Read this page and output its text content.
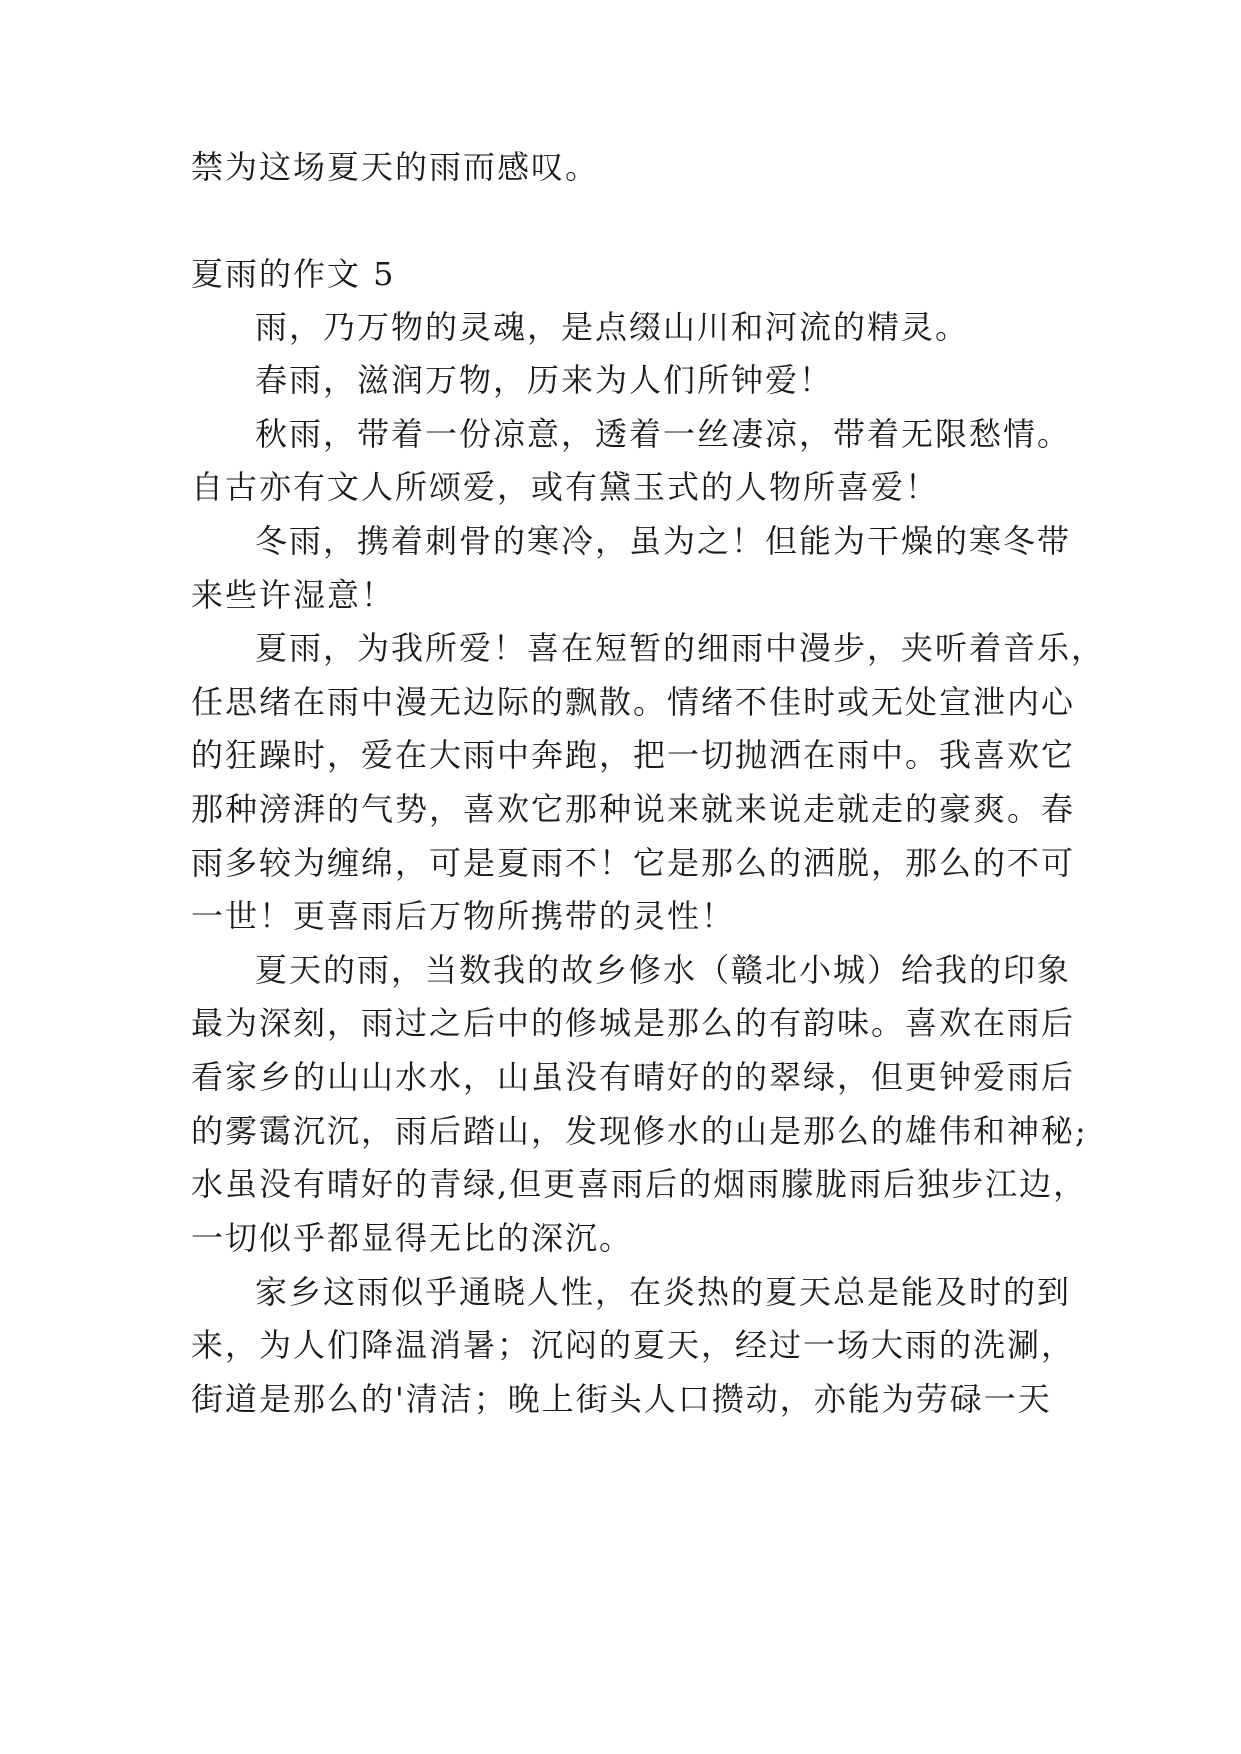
禁为这场夏天的雨而感叹。
夏雨的作文 5
雨，乃万物的灵魂，是点缀山川和河流的精灵。
春雨，滋润万物，历来为人们所钟爱！
秋雨，带着一份凉意，透着一丝凄凉，带着无限愁情。
自古亦有文人所颂爱，或有黛玉式的人物所喜爱！
冬雨，携着刺骨的寒冷，虽为之！但能为干燥的寒冬带
来些许湿意！
夏雨，为我所爱！喜在短暂的细雨中漫步，夹听着音乐，
任思绪在雨中漫无边际的飘散。情绪不佳时或无处宣泄内心
的狂躁时，爱在大雨中奔跑，把一切抛洒在雨中。我喜欢它
那种滂湃的气势，喜欢它那种说来就来说走就走的豪爽。春
雨多较为缠绵，可是夏雨不！它是那么的洒脱，那么的不可
一世！更喜雨后万物所携带的灵性！
夏天的雨，当数我的故乡修水（赣北小城）给我的印象
最为深刻，雨过之后中的修城是那么的有韵味。喜欢在雨后
看家乡的山山水水，山虽没有晴好的的翠绿，但更钟爱雨后
的雾霭沉沉，雨后踏山，发现修水的山是那么的雄伟和神秘;
水虽没有晴好的青绿,但更喜雨后的烟雨朦胧雨后独步江边，
一切似乎都显得无比的深沉。
家乡这雨似乎通晓人性，在炎热的夏天总是能及时的到
来，为人们降温消暑；沉闷的夏天，经过一场大雨的洗涮，
街道是那么的'清洁；晚上街头人口攒动，亦能为劳碌一天
